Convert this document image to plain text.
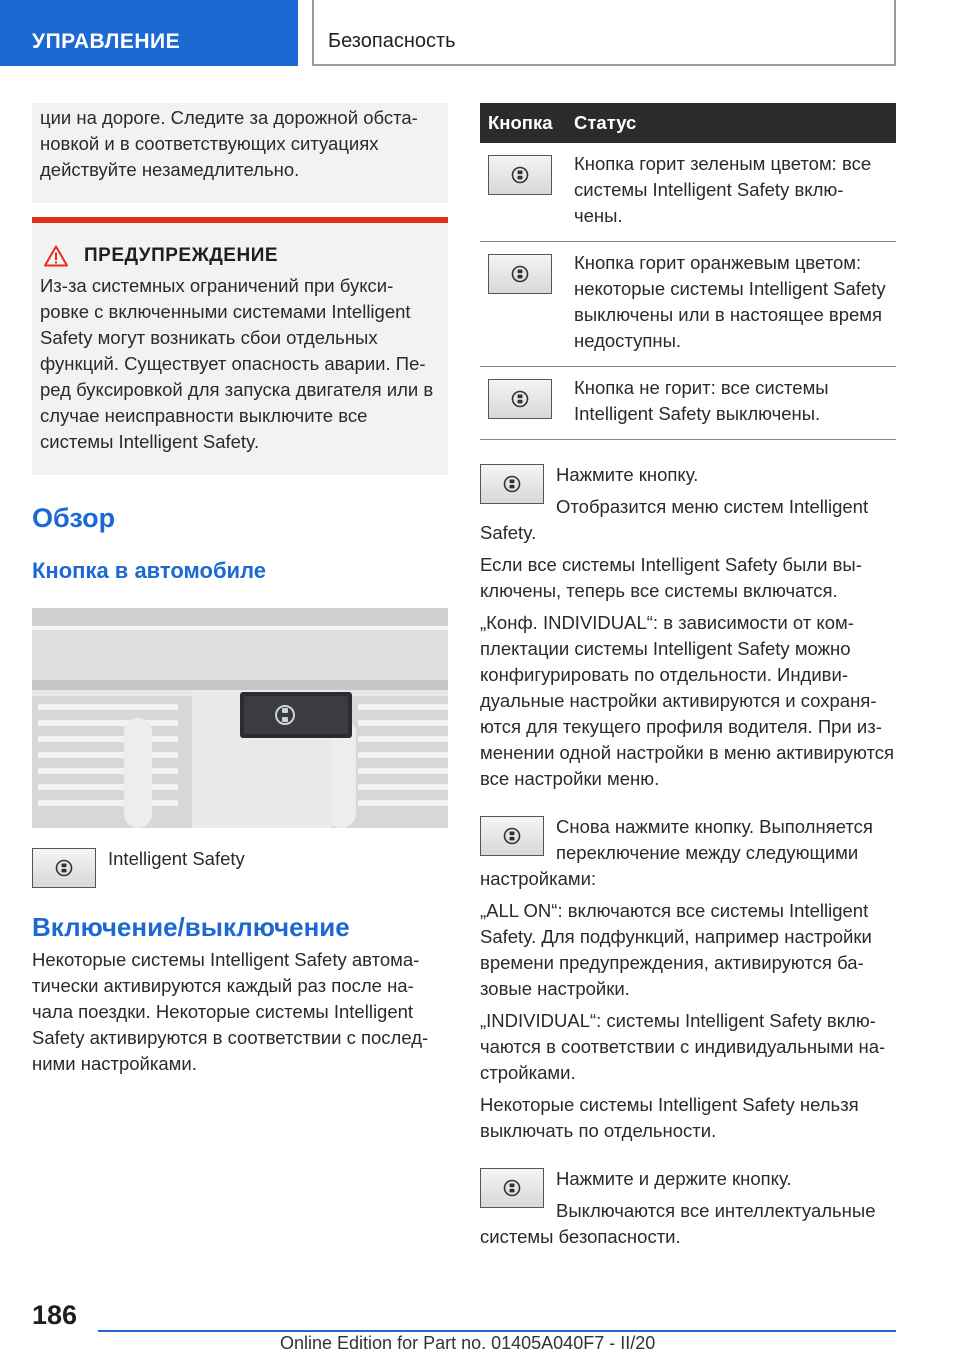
УПРАВЛЕНИЕ	Безопасность

ции на дороге. Следите за дорожной обста-новкой и в соответствующих ситуациях действуйте незамедлительно.

ПРЕДУПРЕЖДЕНИЕ

Из-за системных ограничений при букси-ровке с включенными системами Intelligent Safety могут возникать сбои отдельных функций. Существует опасность аварии. Пе-ред буксировкой для запуска двигателя или в случае неисправности выключите все системы Intelligent Safety.

Обзор
Кнопка в автомобиле
Intelligent Safety
Включение/выключение

Некоторые системы Intelligent Safety автома-тически активируются каждый раз после на-чала поездки. Некоторые системы Intelligent Safety активируются в соответствии с послед-ними настройками.

Кнопка	Статус

	Кнопка горит зеленым цветом: все системы Intelligent Safety вклю-чены.

	Кнопка горит оранжевым цветом: некоторые системы Intelligent Safety выключены или в настоящее время недоступны.

	Кнопка не горит: все системы Intelligent Safety выключены.

Нажмите кнопку.

Отобразится меню систем Intelligent Safety.

Если все системы Intelligent Safety были вы-ключены, теперь все системы включатся.

„Конф. INDIVIDUAL“: в зависимости от ком-плектации системы Intelligent Safety можно конфигурировать по отдельности. Индиви-дуальные настройки активируются и сохраня-ются для текущего профиля водителя. При из-менении одной настройки в меню активируются все настройки меню.

Снова нажмите кнопку. Выполняется переключение между следующими настройками:

„ALL ON“: включаются все системы Intelligent Safety. Для подфункций, например настройки времени предупреждения, активируются ба-зовые настройки.

„INDIVIDUAL“: системы Intelligent Safety вклю-чаются в соответствии с индивидуальными на-стройками.

Некоторые системы Intelligent Safety нельзя выключать по отдельности.

Нажмите и держите кнопку.

Выключаются все интеллектуальные системы безопасности.

186
Online Edition for Part no. 01405A040F7 - II/20
